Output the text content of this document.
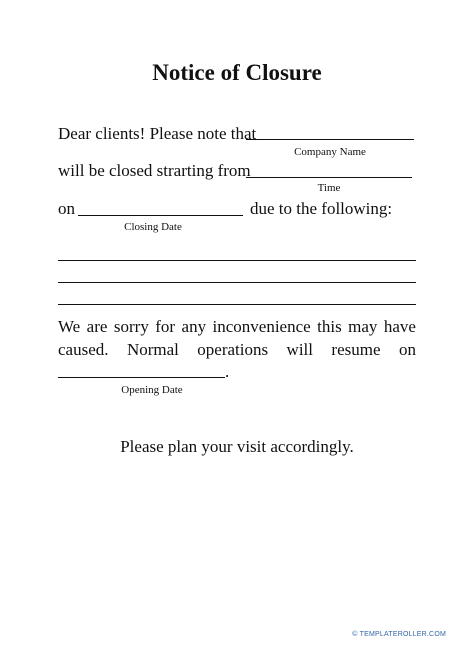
Notice of Closure
Dear clients! Please note that
Company Name
will be closed strarting from
Time
on	due to the following:
Closing Date
We are sorry for any inconvenience this may have
caused. Normal operations will resume on
.
Opening Date
Please plan your visit accordingly.
© TEMPLATEROLLER.COM
